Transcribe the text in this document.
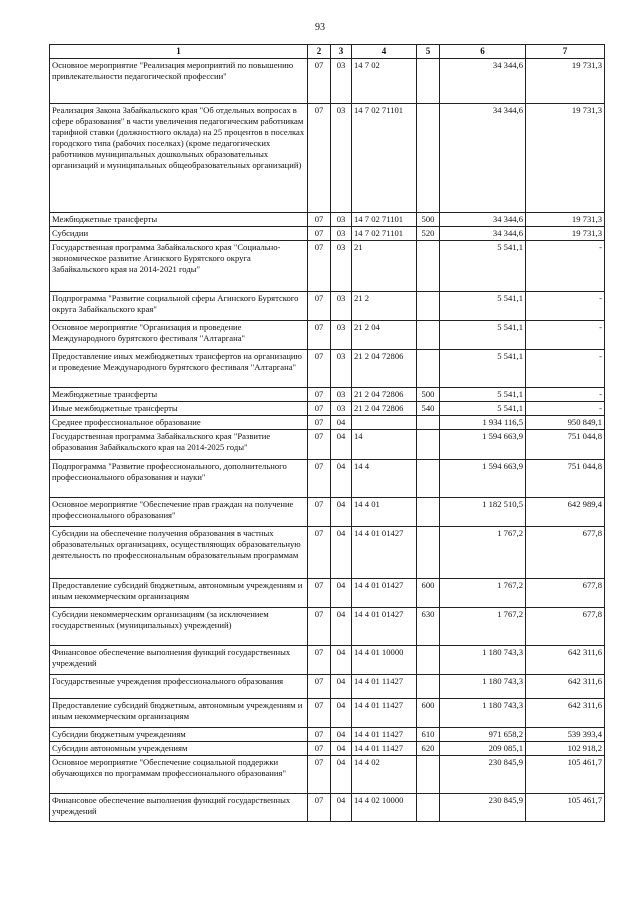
93
1	2	3	4	5	6	7
Основное мероприятие "Реализация мероприятий по повышению привлекательности педагогической профессии"	07	03	14 7 02		34 344,6	19 731,3
Реализация Закона Забайкальского края "Об отдельных вопросах в сфере образования" в части увеличения педагогическим работникам тарифной ставки (должностного оклада) на 25 процентов в поселках городского типа (рабочих поселках) (кроме педагогических работников муниципальных дошкольных образовательных организаций и муниципальных общеобразовательных организаций)	07	03	14 7 02 71101		34 344,6	19 731,3
Межбюджетные трансферты	07	03	14 7 02 71101	500	34 344,6	19 731,3
Субсидии	07	03	14 7 02 71101	520	34 344,6	19 731,3
Государственная программа Забайкальского края "Социально-экономическое развитие Агинского Бурятского округа Забайкальского края на 2014-2021 годы"	07	03	21		5 541,1	-
Подпрограмма "Развитие социальной сферы Агинского Бурятского округа Забайкальского края"	07	03	21 2		5 541,1	-
Основное мероприятие "Организация и проведение Международного бурятского фестиваля "Алтаргана"	07	03	21 2 04		5 541,1	-
Предоставление иных межбюджетных трансфертов на организацию и проведение Международного бурятского фестиваля "Алтаргана"	07	03	21 2 04 72806		5 541,1	-
Межбюджетные трансферты	07	03	21 2 04 72806	500	5 541,1	-
Иные межбюджетные трансферты	07	03	21 2 04 72806	540	5 541,1	-
Среднее профессиональное образование	07	04			1 934 116,5	950 849,1
Государственная программа Забайкальского края "Развитие образования Забайкальского края на 2014-2025 годы"	07	04	14		1 594 663,9	751 044,8
Подпрограмма "Развитие профессионального, дополнительного профессионального образования и науки"	07	04	14 4		1 594 663,9	751 044,8
Основное мероприятие "Обеспечение прав граждан на получение профессионального образования"	07	04	14 4 01		1 182 510,5	642 989,4
Субсидии на обеспечение получения образования в частных образовательных организациях, осуществляющих образовательную деятельность по профессиональным образовательным программам	07	04	14 4 01 01427		1 767,2	677,8
Предоставление субсидий бюджетным, автономным учреждениям и иным некоммерческим организациям	07	04	14 4 01 01427	600	1 767,2	677,8
Субсидии некоммерческим организациям (за исключением государственных (муниципальных) учреждений)	07	04	14 4 01 01427	630	1 767,2	677,8
Финансовое обеспечение выполнения функций государственных учреждений	07	04	14 4 01 10000		1 180 743,3	642 311,6
Государственные учреждения профессионального образования	07	04	14 4 01 11427		1 180 743,3	642 311,6
Предоставление субсидий бюджетным, автономным учреждениям и иным некоммерческим организациям	07	04	14 4 01 11427	600	1 180 743,3	642 311,6
Субсидии бюджетным учреждениям	07	04	14 4 01 11427	610	971 658,2	539 393,4
Субсидии автономным учреждениям	07	04	14 4 01 11427	620	209 085,1	102 918,2
Основное мероприятие "Обеспечение социальной поддержки обучающихся по программам профессионального образования"	07	04	14 4 02		230 845,9	105 461,7
Финансовое обеспечение выполнения функций государственных учреждений	07	04	14 4 02 10000		230 845,9	105 461,7
